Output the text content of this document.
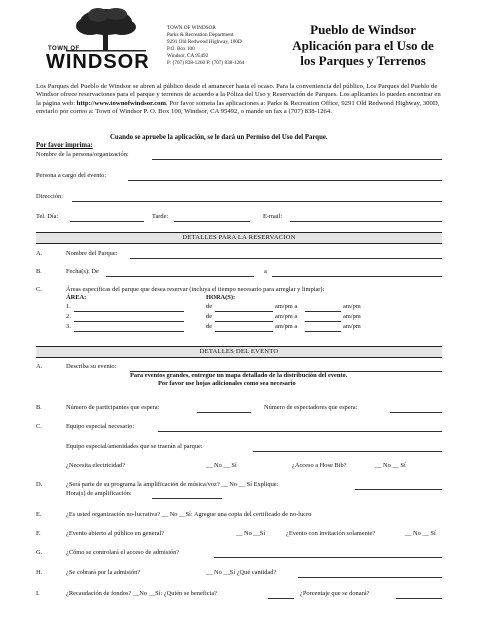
TOWN OF
WINDSOR
TOWN OF WINDSOR
Parks & Recreation Department
9291 Old Redwood Highway, 100D
P.O. Box 100
Windsor, CA 95492
P: (707) 838-1260 F: (707) 838-1264
Pueblo de Windsor
Aplicación para el Uso de
los Parques y Terrenos
Los Parques del Pueblo de Windsor se abren al público desde el amanecer hasta el ocaso. Para la conveniencia del público, Los Parques del Pueblo de Windsor ofrece reservaciones para el parque y terrenos de acuerdo a la Póliza del Uso y Reservación de Parques. Los aplicantes lo pueden encontrar en la página web: http://www.townofwindsor.com. Por favor someta las aplicaciones a: Parks & Recreation Office, 9291 Old Redwood Highway, 300D, enviarlo por correo a: Town of Windsor P. O. Box 100, Windsor, CA 95492, o mande un fax a (707) 838-1264.
Cuando se apruebe la aplicación, se le dará un Permiso del Uso del Parque.
Por favor imprima:
Nombre de la persona/organización:
Persona a cargo del evento:
Dirección:
Tel. Día:	Tarde:	E-mail:
DETALLES PARA LA RESERVACION
A.	Nombre del Parque:
B.	Fecha(s): De	a
C.	Áreas específicas del parque que desea reservar (incluya el tiempo necesario para arreglar y limpiar):
ÁREA:	HORA(S):
1.	de	am/pm a	am/pm
2.	de	am/pm a	am/pm
3.	de	am/pm a	am/pm
DETALLES DEL EVENTO
A.	Describa su evento:
Para eventos grandes, entregue un mapa detallado de la distribución del evento.
Por favor use hojas adicionales como sea necesario
B.	Número de participantes que espera:	Número de espectadores que espera:
C.	Equipo especial necesario:
Equipo especial/amenidades que se traerán al parque:
¿Necesita electricidad?	__ No __ Sí	¿Acceso a Hose Bib?	__ No __ Sí
D.	¿Será parte de su programa la amplificación de música/voz? __ No __ Sí Explique:
Hora(s) de amplificación:
E.	¿Es usted organización no-lucrativa? __ No __Sí: Agregue una copia del certificado de no-lucro
F.	¿Evento abierto al público en general?	__ No __Sí	¿Evento con invitación solamente?	__ No __ Sí
G.	¿Cómo se controlará el acceso de admisión?
H.	¿Se cobrará por la admisión?	__ No __Sí ¿Qué cantidad?
I.	¿Recaudación de fondos? __No __Sí: ¿Quién se beneficia?	¿Porcentaje que se donará?
